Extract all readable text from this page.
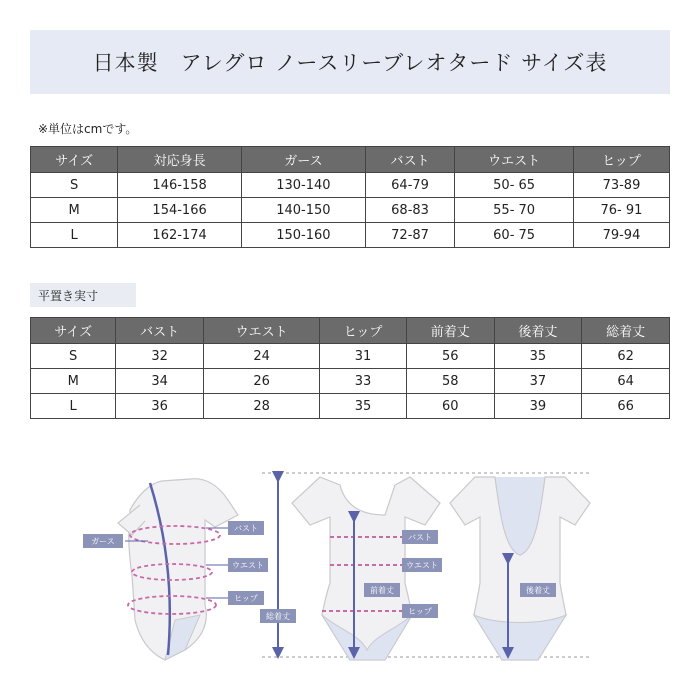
日本製　アレグロ ノースリーブレオタード サイズ表
※単位はcmです。
サイズ	対応身長	ガース	バスト	ウエスト	ヒップ
S	146-158	130-140	64-79	50- 65	73-89
M	154-166	140-150	68-83	55- 70	76- 91
L	162-174	150-160	72-87	60- 75	79-94
平置き実寸
サイズ	バスト	ウエスト	ヒップ	前着丈	後着丈	総着丈
S	32	24	31	56	35	62
M	34	26	33	58	37	64
L	36	28	35	60	39	66
ガース
バスト
ウエスト
ヒップ
総着丈
バスト
ウエスト
ヒップ
前着丈	後着丈
